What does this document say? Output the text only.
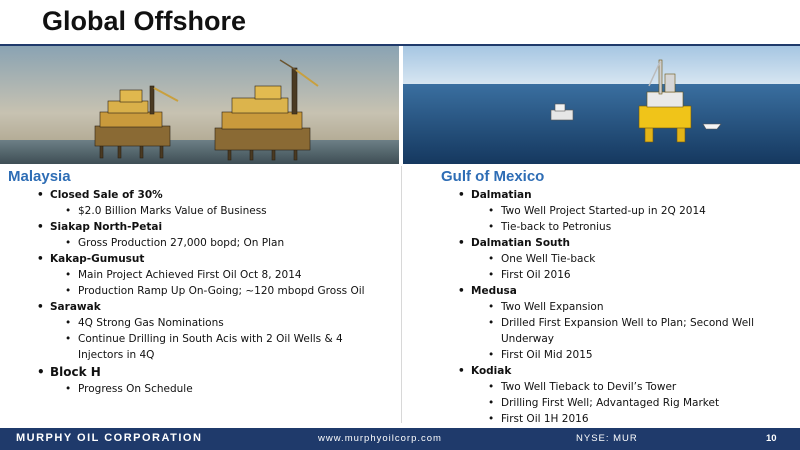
Global Offshore
Malaysia
• Closed Sale of 30%
• $2.0 Billion Marks Value of Business
• Siakap North-Petai
• Gross Production 27,000 bopd; On Plan
• Kakap-Gumusut
• Main Project Achieved First Oil Oct 8, 2014
• Production Ramp Up On-Going; ~120 mbopd Gross Oil
• Sarawak
• 4Q Strong Gas Nominations
• Continue Drilling in South Acis with 2 Oil Wells & 4 Injectors in 4Q
• Block H
• Progress On Schedule
Gulf of Mexico
• Dalmatian
• Two Well Project Started-up in 2Q 2014
• Tie-back to Petronius
• Dalmatian South
• One Well Tie-back
• First Oil 2016
• Medusa
• Two Well Expansion
• Drilled First Expansion Well to Plan; Second Well Underway
• First Oil Mid 2015
• Kodiak
• Two Well Tieback to Devil’s Tower
• Drilling First Well; Advantaged Rig Market
• First Oil 1H 2016
MURPHY OIL CORPORATION	www.murphyoilcorp.com	NYSE: MUR	10
